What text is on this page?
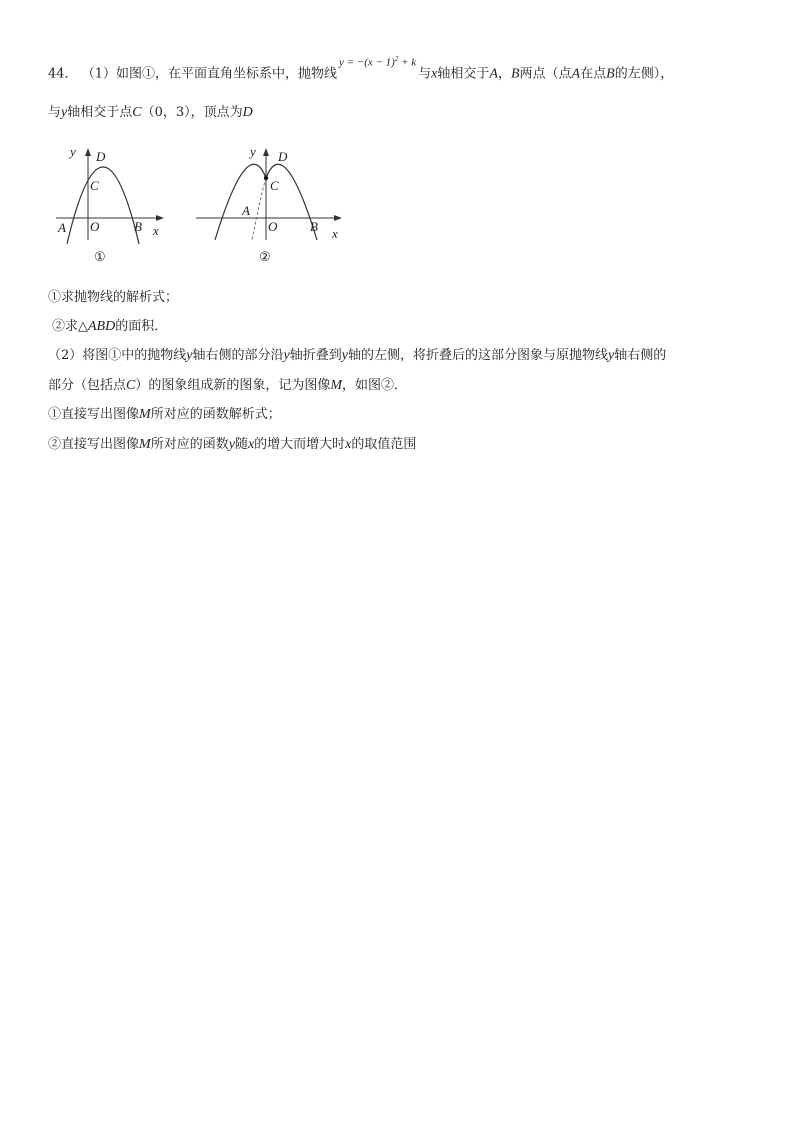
44． （1）如图①，在平面直角坐标系中，抛物线$y = -(x - 1)^2 + k$与x轴相交于A，B两点（点A在点B的左侧），
与y轴相交于点C（0，3），顶点为D
y D
C
A O	B x
①
y D
C
A
O	B x
②
①求抛物线的解析式；
②求△ABD的面积．
（2）将图①中的抛物线y轴右侧的部分沿y轴折叠到y轴的左侧，将折叠后的这部分图象与原抛物线y轴右侧的
部分（包括点C）的图象组成新的图象，记为图像M，如图②．
①直接写出图像M所对应的函数解析式；
②直接写出图像M所对应的函数y随x的增大而增大时x的取值范围
